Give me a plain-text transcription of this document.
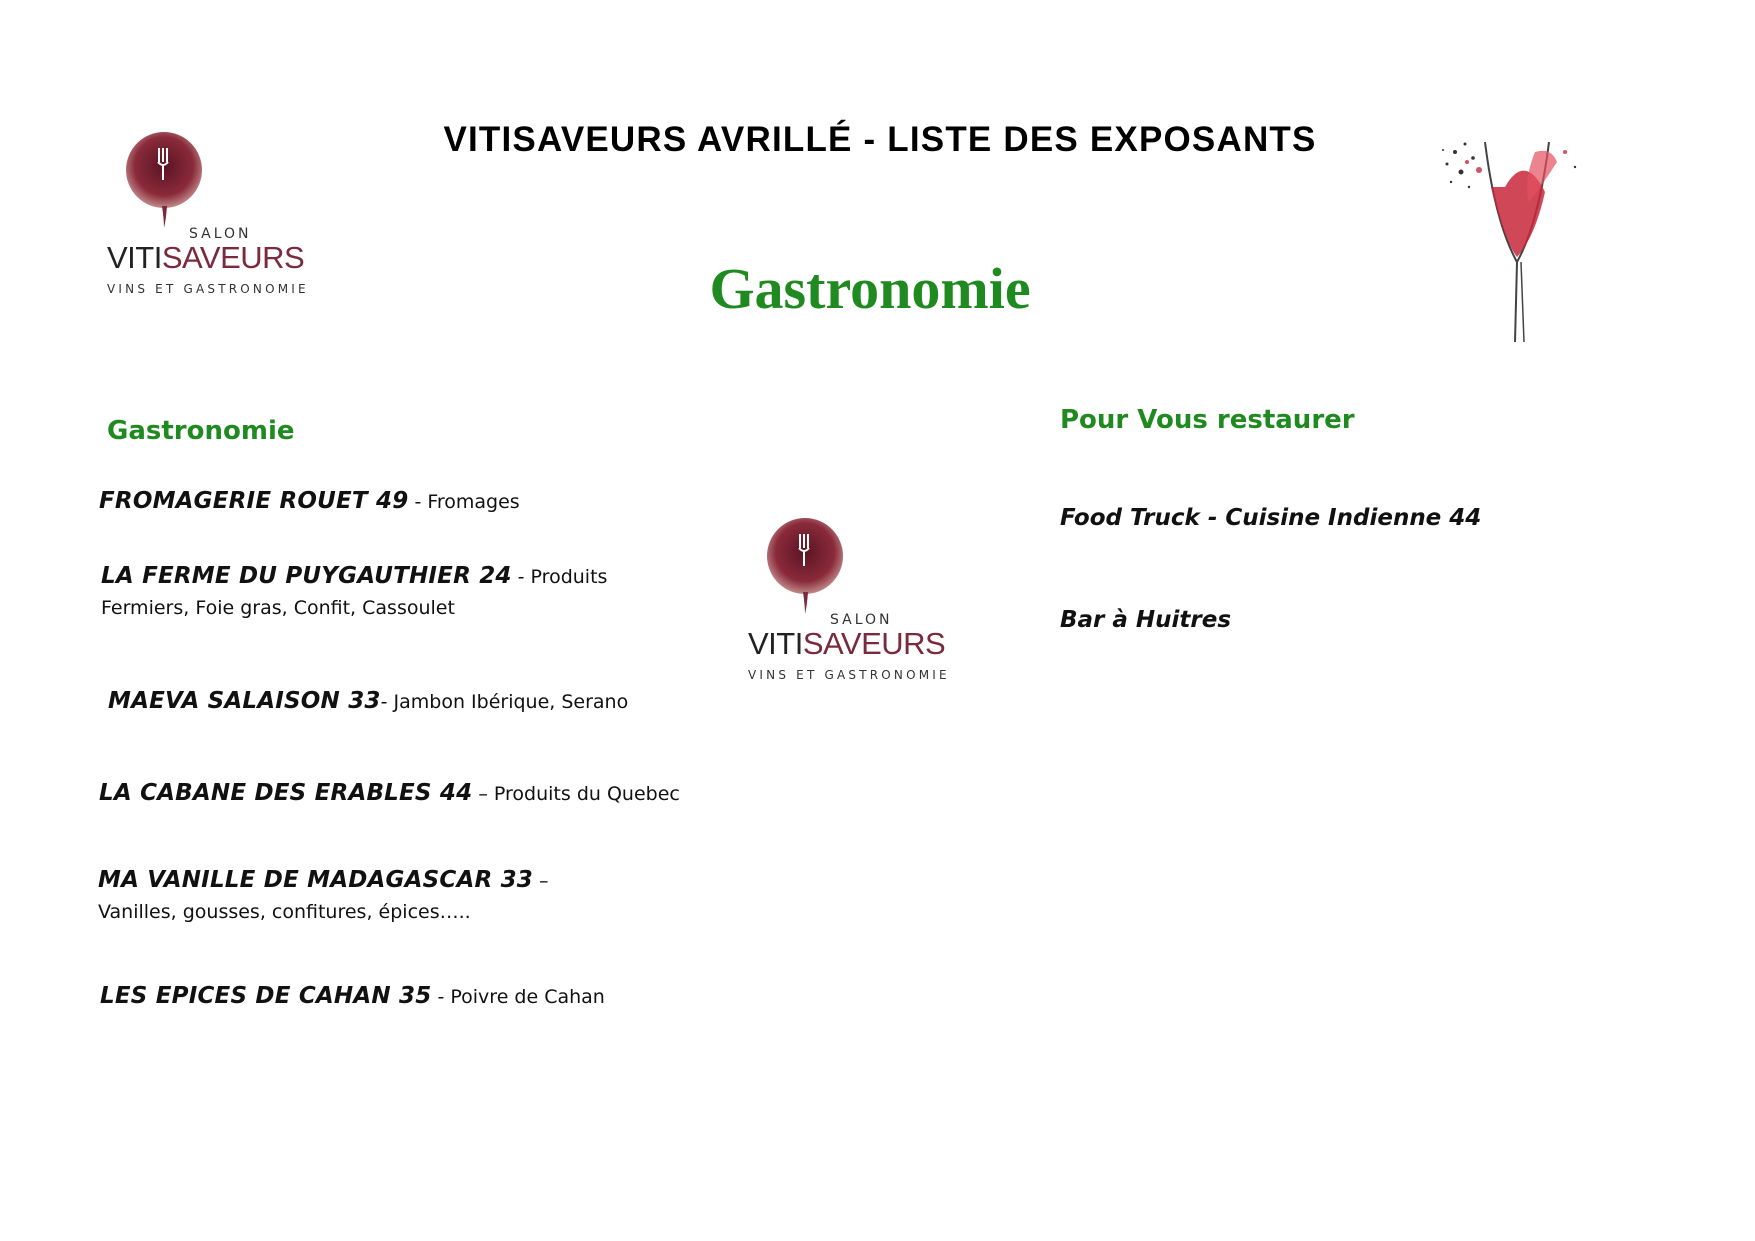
VITISAVEURS AVRILLÉ - LISTE DES EXPOSANTS
Gastronomie
SALON
VITISAVEURS
VINS ET GASTRONOMIE
Gastronomie
FROMAGERIE ROUET 49 - Fromages
LA FERME DU PUYGAUTHIER 24 - Produits Fermiers, Foie gras, Confit, Cassoulet
MAEVA SALAISON 33- Jambon Ibérique, Serano
LA CABANE DES ERABLES 44 – Produits du Quebec
MA VANILLE DE MADAGASCAR 33 – Vanilles, gousses, confitures, épices…..
LES EPICES DE CAHAN 35 - Poivre de Cahan
SALON
VITISAVEURS
VINS ET GASTRONOMIE
Pour Vous restaurer
Food Truck - Cuisine Indienne 44
Bar à Huitres
